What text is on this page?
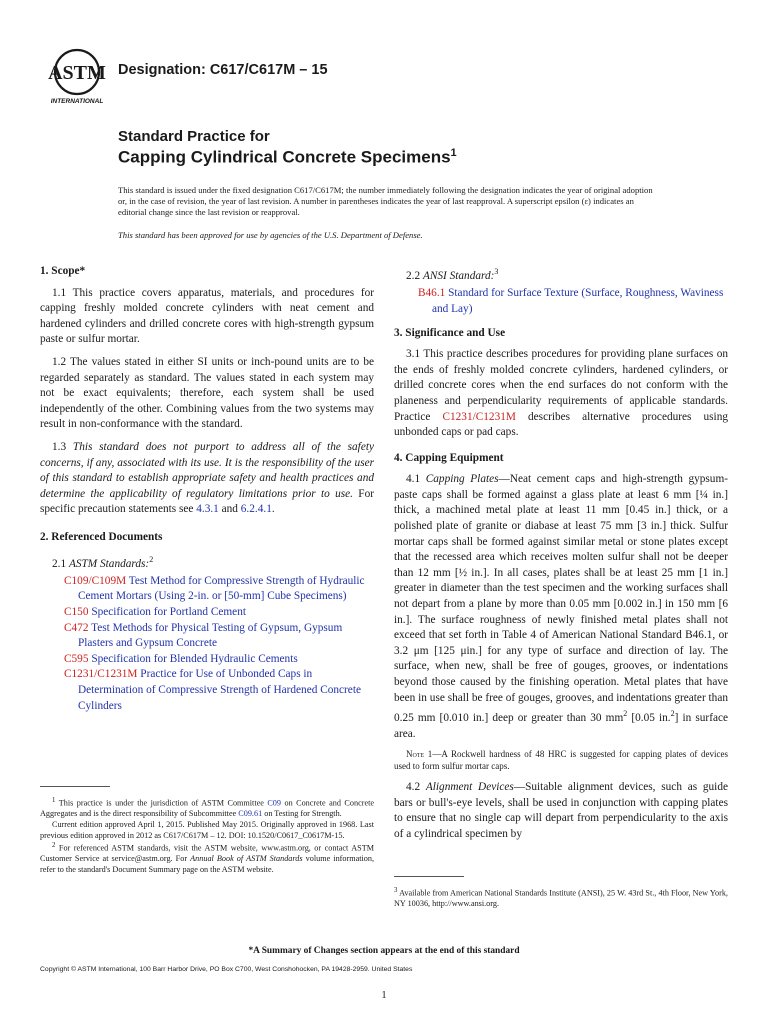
ASTM
INTERNATIONAL
Designation: C617/C617M – 15
Standard Practice for
Capping Cylindrical Concrete Specimens$^1$
This standard is issued under the fixed designation C617/C617M; the number immediately following the designation indicates the year of original adoption or, in the case of revision, the year of last revision. A number in parentheses indicates the year of last reapproval. A superscript epsilon (ε) indicates an editorial change since the last revision or reapproval.
This standard has been approved for use by agencies of the U.S. Department of Defense.

1. Scope*

1.1 This practice covers apparatus, materials, and procedures for capping freshly molded concrete cylinders with neat cement and hardened cylinders and drilled concrete cores with high-strength gypsum paste or sulfur mortar.

1.2 The values stated in either SI units or inch-pound units are to be regarded separately as standard. The values stated in each system may not be exact equivalents; therefore, each system shall be used independently of the other. Combining values from the two systems may result in non-conformance with the standard.

1.3 This standard does not purport to address all of the safety concerns, if any, associated with its use. It is the responsibility of the user of this standard to establish appropriate safety and health practices and determine the applicability of regulatory limitations prior to use. For specific precaution statements see 4.3.1 and 6.2.4.1.

2. Referenced Documents

2.1 ASTM Standards:$^2$

C109/C109M Test Method for Compressive Strength of Hydraulic Cement Mortars (Using 2-in. or [50-mm] Cube Specimens)

C150 Specification for Portland Cement

C472 Test Methods for Physical Testing of Gypsum, Gypsum Plasters and Gypsum Concrete

C595 Specification for Blended Hydraulic Cements

C1231/C1231M Practice for Use of Unbonded Caps in Determination of Compressive Strength of Hardened Concrete Cylinders

$^1$ This practice is under the jurisdiction of ASTM Committee C09 on Concrete and Concrete Aggregates and is the direct responsibility of Subcommittee C09.61 on Testing for Strength.

Current edition approved April 1, 2015. Published May 2015. Originally approved in 1968. Last previous edition approved in 2012 as C617/C617M – 12. DOI: 10.1520/C0617_C0617M-15.

$^2$ For referenced ASTM standards, visit the ASTM website, www.astm.org, or contact ASTM Customer Service at service@astm.org. For Annual Book of ASTM Standards volume information, refer to the standard's Document Summary page on the ASTM website.

2.2 ANSI Standard:$^3$

B46.1 Standard for Surface Texture (Surface, Roughness, Waviness and Lay)

3. Significance and Use

3.1 This practice describes procedures for providing plane surfaces on the ends of freshly molded concrete cylinders, hardened cylinders, or drilled concrete cores when the end surfaces do not conform with the planeness and perpendicularity requirements of applicable standards. Practice C1231/C1231M describes alternative procedures using unbonded caps or pad caps.

4. Capping Equipment

4.1 Capping Plates—Neat cement caps and high-strength gypsum-paste caps shall be formed against a glass plate at least 6 mm [¼ in.] thick, a machined metal plate at least 11 mm [0.45 in.] thick, or a polished plate of granite or diabase at least 75 mm [3 in.] thick. Sulfur mortar caps shall be formed against similar metal or stone plates except that the recessed area which receives molten sulfur shall not be deeper than 12 mm [½ in.]. In all cases, plates shall be at least 25 mm [1 in.] greater in diameter than the test specimen and the working surfaces shall not depart from a plane by more than 0.05 mm [0.002 in.] in 150 mm [6 in.]. The surface roughness of newly finished metal plates shall not exceed that set forth in Table 4 of American National Standard B46.1, or 3.2 μm [125 μin.] for any type of surface and direction of lay. The surface, when new, shall be free of gouges, grooves, or indentations beyond those caused by the finishing operation. Metal plates that have been in use shall be free of gouges, grooves, and indentations greater than 0.25 mm [0.010 in.] deep or greater than 30 $mm^2$ [0.05 in.$^2$] in surface area.

Note 1—A Rockwell hardness of 48 HRC is suggested for capping plates of devices used to form sulfur mortar caps.

4.2 Alignment Devices—Suitable alignment devices, such as guide bars or bull's-eye levels, shall be used in conjunction with capping plates to ensure that no single cap will depart from perpendicularity to the axis of a cylindrical specimen by

$^3$ Available from American National Standards Institute (ANSI), 25 W. 43rd St., 4th Floor, New York, NY 10036, http://www.ansi.org.
*A Summary of Changes section appears at the end of this standard
Copyright © ASTM International, 100 Barr Harbor Drive, PO Box C700, West Conshohocken, PA 19428-2959. United States
1
